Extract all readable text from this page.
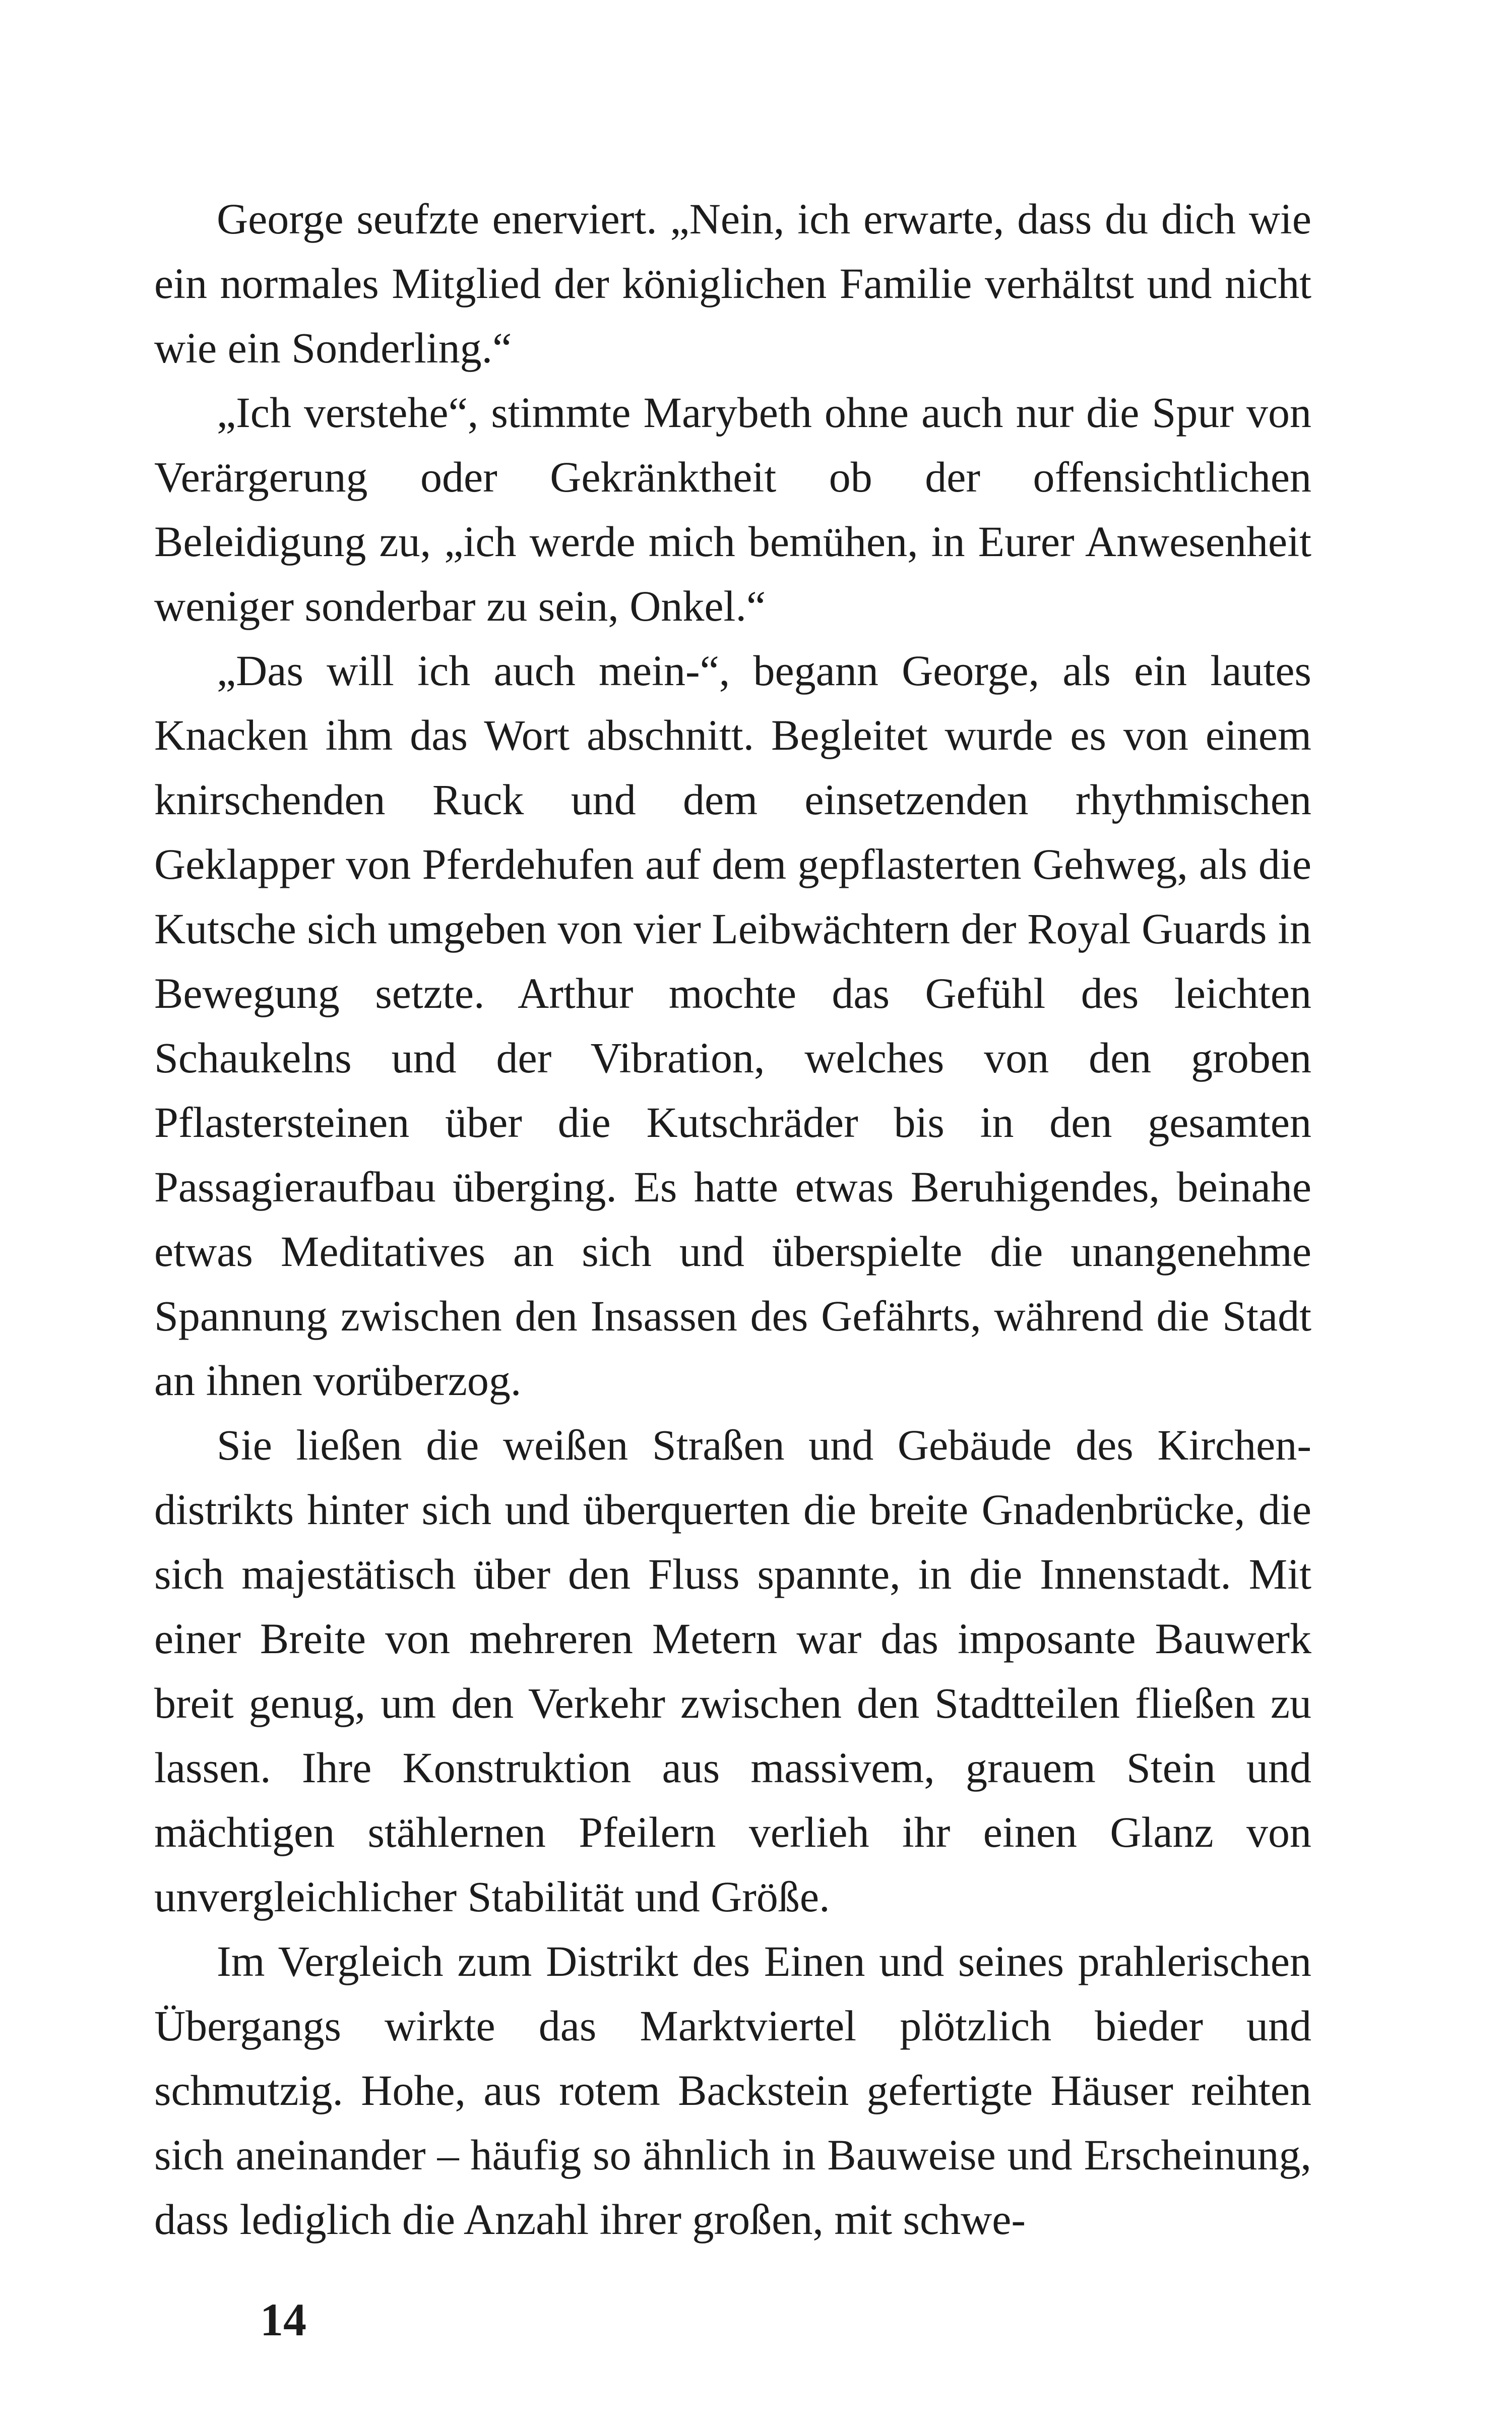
George seufzte enerviert. „Nein, ich erwarte, dass du dich wie ein normales Mitglied der königlichen Familie verhältst und nicht wie ein Sonderling.“

„Ich verstehe“, stimmte Marybeth ohne auch nur die Spur von Verärgerung oder Gekränktheit ob der offensichtlichen Beleidigung zu, „ich werde mich bemühen, in Eurer Anwesenheit weniger sonderbar zu sein, Onkel.“

„Das will ich auch mein-“, begann George, als ein lautes Knacken ihm das Wort abschnitt. Begleitet wurde es von einem knirschenden Ruck und dem einsetzenden rhythmischen Geklapper von Pferdehufen auf dem gepflasterten Gehweg, als die Kutsche sich umgeben von vier Leibwächtern der Royal Guards in Bewegung setzte. Arthur mochte das Gefühl des leichten Schaukelns und der Vibration, welches von den groben Pflastersteinen über die Kutschräder bis in den gesamten Passagieraufbau überging. Es hatte etwas Beruhigendes, beinahe etwas Meditatives an sich und überspielte die unangenehme Spannung zwischen den Insassen des Gefährts, während die Stadt an ihnen vorüberzog.

Sie ließen die weißen Straßen und Gebäude des Kirchendistrikts hinter sich und überquerten die breite Gnadenbrücke, die sich majestätisch über den Fluss spannte, in die Innenstadt. Mit einer Breite von mehreren Metern war das imposante Bauwerk breit genug, um den Verkehr zwischen den Stadtteilen fließen zu lassen. Ihre Konstruktion aus massivem, grauem Stein und mächtigen stählernen Pfeilern verlieh ihr einen Glanz von unvergleichlicher Stabilität und Größe.

Im Vergleich zum Distrikt des Einen und seines prahlerischen Übergangs wirkte das Marktviertel plötzlich bieder und schmutzig. Hohe, aus rotem Backstein gefertigte Häuser reihten sich aneinander – häufig so ähnlich in Bauweise und Erscheinung, dass lediglich die Anzahl ihrer großen, mit schwe-

14
